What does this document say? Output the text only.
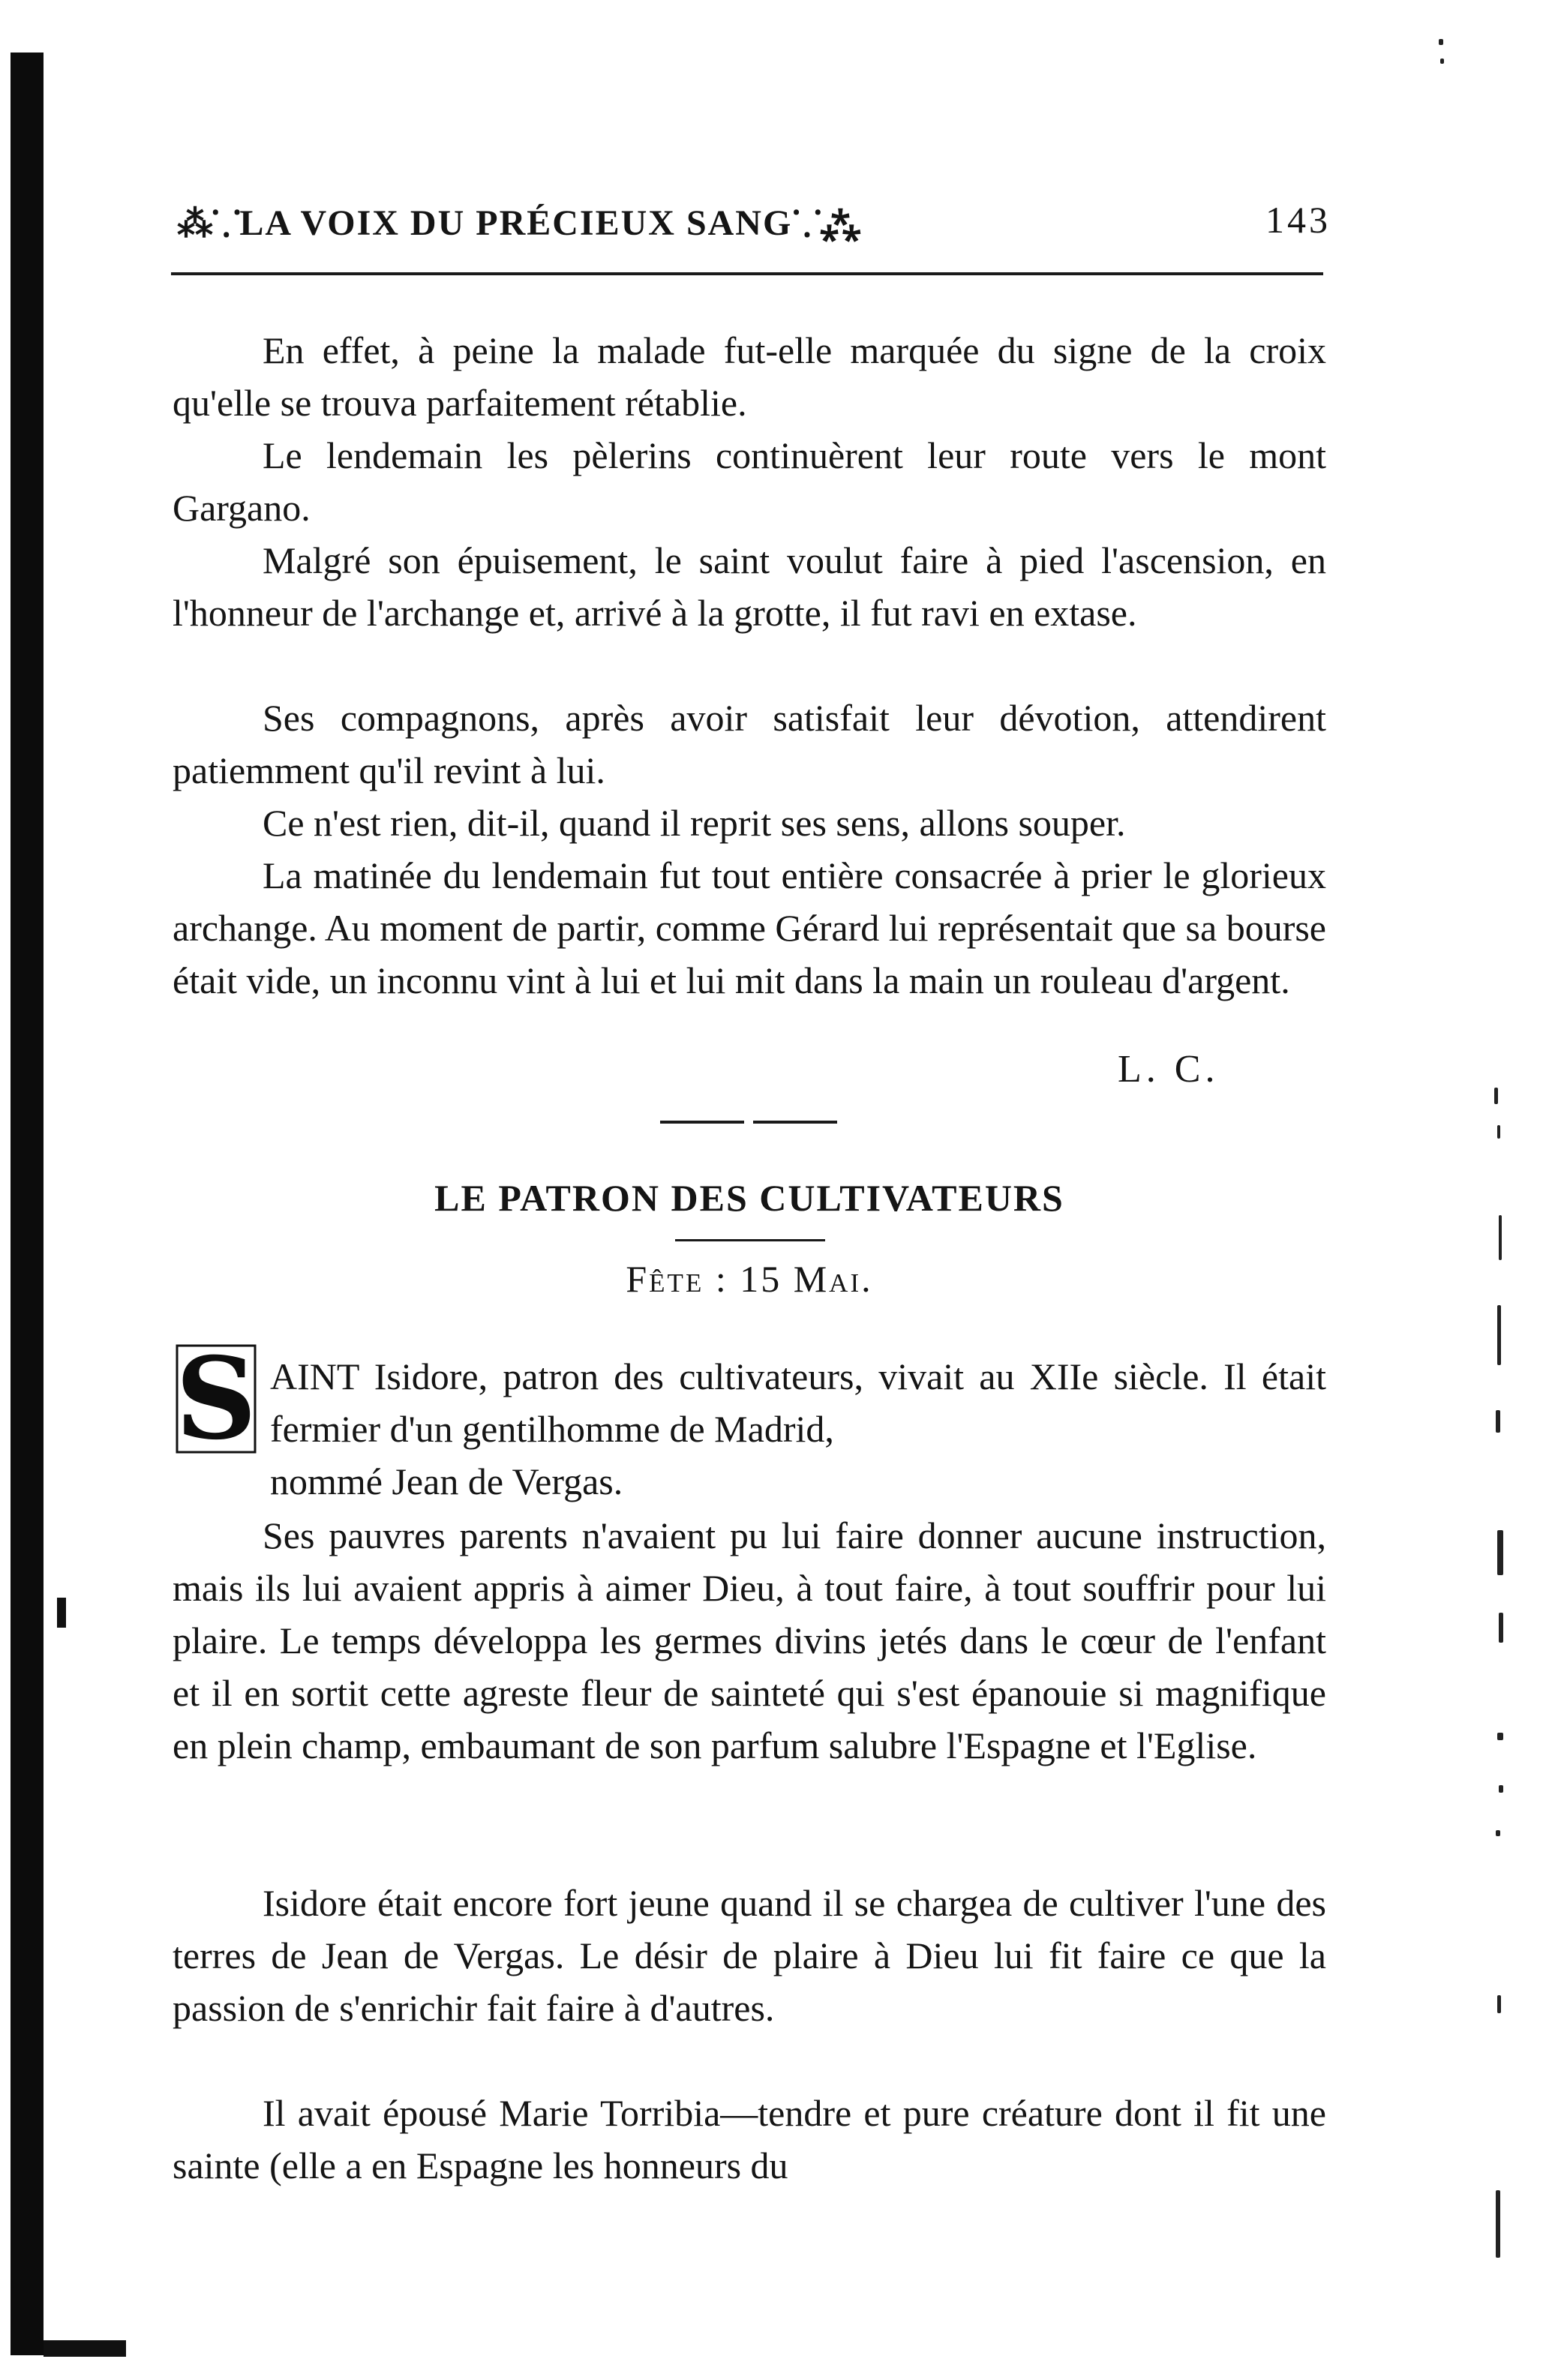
⁂⸪ LA VOIX DU PRÉCIEUX SANG ⸪⁂	143

En effet, à peine la malade fut-elle marquée du signe de la croix qu'elle se trouva parfaitement rétablie.

Le lendemain les pèlerins continuèrent leur route vers le mont Gargano.

Malgré son épuisement, le saint voulut faire à pied l'ascension, en l'honneur de l'archange et, arrivé à la grotte, il fut ravi en extase.

Ses compagnons, après avoir satisfait leur dévotion, attendirent patiemment qu'il revint à lui.

Ce n'est rien, dit-il, quand il reprit ses sens, allons souper.

La matinée du lendemain fut tout entière consacrée à prier le glorieux archange. Au moment de partir, comme Gérard lui représentait que sa bourse était vide, un inconnu vint à lui et lui mit dans la main un rouleau d'argent.

L. C.
LE PATRON DES CULTIVATEURS
Fête : 15 Mai.
S AINT Isidore, patron des cultivateurs, vivait au XIIe siècle. Il était fermier d'un gentilhomme de Madrid,

nommé Jean de Vergas.

Ses pauvres parents n'avaient pu lui faire donner aucune instruction, mais ils lui avaient appris à aimer Dieu, à tout faire, à tout souffrir pour lui plaire. Le temps développa les germes divins jetés dans le cœur de l'enfant et il en sortit cette agreste fleur de sainteté qui s'est épanouie si magnifique en plein champ, embaumant de son parfum salubre l'Espagne et l'Eglise.

Isidore était encore fort jeune quand il se chargea de cultiver l'une des terres de Jean de Vergas. Le désir de plaire à Dieu lui fit faire ce que la passion de s'enrichir fait faire à d'autres.

Il avait épousé Marie Torribia—tendre et pure créature dont il fit une sainte (elle a en Espagne les honneurs du
